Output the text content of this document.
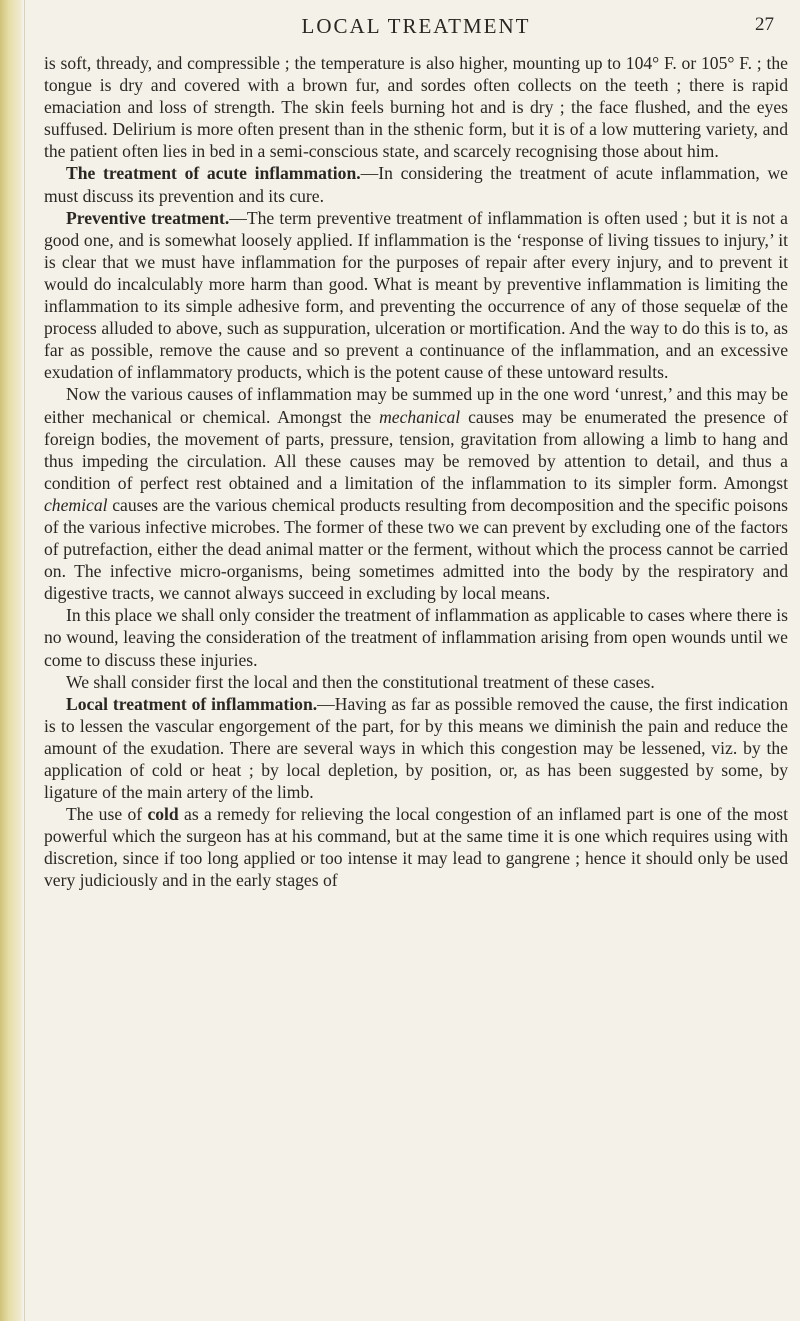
LOCAL TREATMENT	27

is soft, thready, and compressible ; the temperature is also higher, mounting up to 104° F. or 105° F. ; the tongue is dry and covered with a brown fur, and sordes often collects on the teeth ; there is rapid emaciation and loss of strength. The skin feels burning hot and is dry ; the face flushed, and the eyes suffused. Delirium is more often present than in the sthenic form, but it is of a low muttering variety, and the patient often lies in bed in a semi-conscious state, and scarcely recognising those about him.

The treatment of acute inflammation.—In considering the treatment of acute inflammation, we must discuss its prevention and its cure.

Preventive treatment.—The term preventive treatment of inflammation is often used ; but it is not a good one, and is somewhat loosely applied. If inflammation is the ‘response of living tissues to injury,’ it is clear that we must have inflammation for the purposes of repair after every injury, and to prevent it would do incalculably more harm than good. What is meant by preventive inflammation is limiting the inflammation to its simple adhesive form, and preventing the occurrence of any of those sequelæ of the process alluded to above, such as suppuration, ulceration or mortification. And the way to do this is to, as far as possible, remove the cause and so prevent a continuance of the inflammation, and an excessive exudation of inflammatory products, which is the potent cause of these untoward results.

Now the various causes of inflammation may be summed up in the one word ‘unrest,’ and this may be either mechanical or chemical. Amongst the mechanical causes may be enumerated the presence of foreign bodies, the movement of parts, pressure, tension, gravitation from allowing a limb to hang and thus impeding the circulation. All these causes may be removed by attention to detail, and thus a condition of perfect rest obtained and a limitation of the inflammation to its simpler form. Amongst chemical causes are the various chemical products resulting from decomposition and the specific poisons of the various infective microbes. The former of these two we can prevent by excluding one of the factors of putrefaction, either the dead animal matter or the ferment, without which the process cannot be carried on. The infective micro-organisms, being sometimes admitted into the body by the respiratory and digestive tracts, we cannot always succeed in excluding by local means.

In this place we shall only consider the treatment of inflammation as applicable to cases where there is no wound, leaving the consideration of the treatment of inflammation arising from open wounds until we come to discuss these injuries.

We shall consider first the local and then the constitutional treatment of these cases.

Local treatment of inflammation.—Having as far as possible removed the cause, the first indication is to lessen the vascular engorgement of the part, for by this means we diminish the pain and reduce the amount of the exudation. There are several ways in which this congestion may be lessened, viz. by the application of cold or heat ; by local depletion, by position, or, as has been suggested by some, by ligature of the main artery of the limb.

The use of cold as a remedy for relieving the local congestion of an inflamed part is one of the most powerful which the surgeon has at his command, but at the same time it is one which requires using with discretion, since if too long applied or too intense it may lead to gangrene ; hence it should only be used very judiciously and in the early stages of
